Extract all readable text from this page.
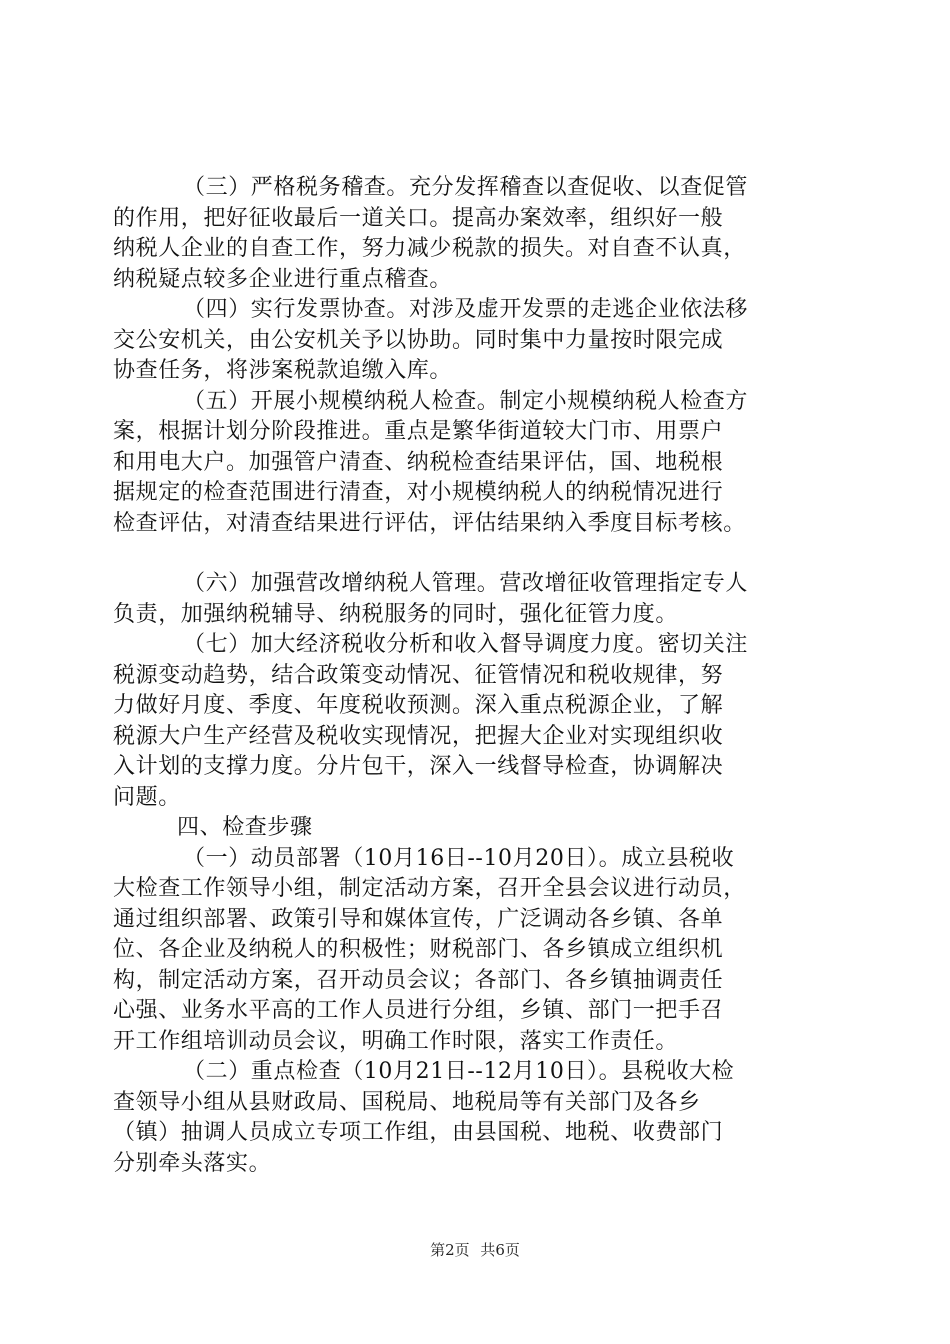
（三）严格税务稽查。充分发挥稽查以查促收、以查促管
的作用，把好征收最后一道关口。提高办案效率，组织好一般
纳税人企业的自查工作，努力减少税款的损失。对自查不认真，
纳税疑点较多企业进行重点稽查。
（四）实行发票协查。对涉及虚开发票的走逃企业依法移
交公安机关，由公安机关予以协助。同时集中力量按时限完成
协查任务，将涉案税款追缴入库。
（五）开展小规模纳税人检查。制定小规模纳税人检查方
案，根据计划分阶段推进。重点是繁华街道较大门市、用票户
和用电大户。加强管户清查、纳税检查结果评估，国、地税根
据规定的检查范围进行清查，对小规模纳税人的纳税情况进行
检查评估，对清查结果进行评估，评估结果纳入季度目标考核。
（六）加强营改增纳税人管理。营改增征收管理指定专人
负责，加强纳税辅导、纳税服务的同时，强化征管力度。
（七）加大经济税收分析和收入督导调度力度。密切关注
税源变动趋势，结合政策变动情况、征管情况和税收规律，努
力做好月度、季度、年度税收预测。深入重点税源企业，了解
税源大户生产经营及税收实现情况，把握大企业对实现组织收
入计划的支撑力度。分片包干，深入一线督导检查，协调解决
问题。
四、检查步骤
（一）动员部署（10月16日--10月20日）。成立县税收
大检查工作领导小组，制定活动方案，召开全县会议进行动员，
通过组织部署、政策引导和媒体宣传，广泛调动各乡镇、各单
位、各企业及纳税人的积极性；财税部门、各乡镇成立组织机
构，制定活动方案，召开动员会议；各部门、各乡镇抽调责任
心强、业务水平高的工作人员进行分组，乡镇、部门一把手召
开工作组培训动员会议，明确工作时限，落实工作责任。
（二）重点检查（10月21日--12月10日）。县税收大检
查领导小组从县财政局、国税局、地税局等有关部门及各乡
（镇）抽调人员成立专项工作组，由县国税、地税、收费部门
分别牵头落实。
第2页 共6页
